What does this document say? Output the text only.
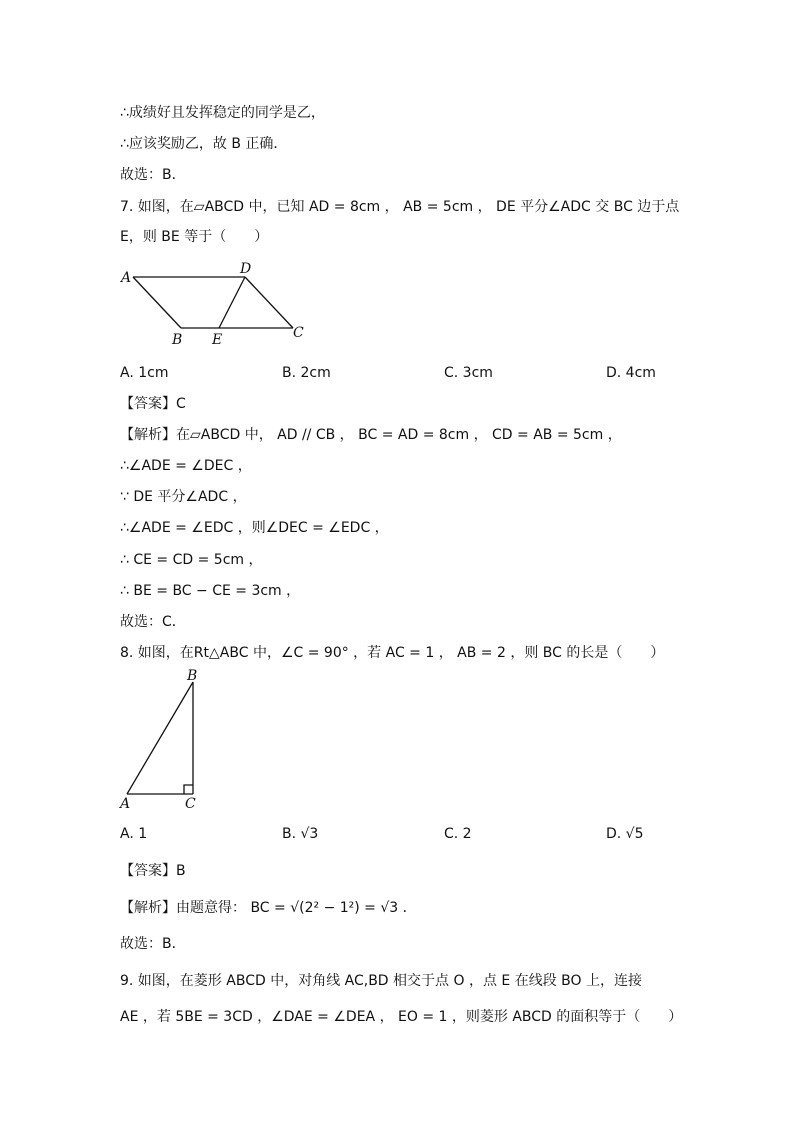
∴成绩好且发挥稳定的同学是乙，
∴应该奖励乙，故 B 正确．
故选：B．
7. 如图，在▱ABCD 中，已知 AD = 8cm ， AB = 5cm ， DE 平分∠ADC 交 BC 边于点
E，则 BE 等于（　　）
A
D
C
B E
A. 1cm	B. 2cm	C. 3cm	D. 4cm
【答案】C
【解析】在▱ABCD 中， AD // CB ， BC = AD = 8cm ， CD = AB = 5cm ，
∴∠ADE = ∠DEC ，
∵ DE 平分∠ADC ，
∴∠ADE = ∠EDC ，则∠DEC = ∠EDC ，
∴ CE = CD = 5cm ，
∴ BE = BC − CE = 3cm ，
故选：C．
8. 如图，在Rt△ABC 中，∠C = 90° ，若 AC = 1 ， AB = 2 ，则 BC 的长是（　　）
B
A	C
A. 1	B. √3	C. 2	D. √5
【答案】B
【解析】由题意得： BC = √(2² − 1²) = √3 ．
故选：B．
9. 如图，在菱形 ABCD 中，对角线 AC,BD 相交于点 O ，点 E 在线段 BO 上，连接
AE ，若 5BE = 3CD ，∠DAE = ∠DEA ， EO = 1 ，则菱形 ABCD 的面积等于（　　）
